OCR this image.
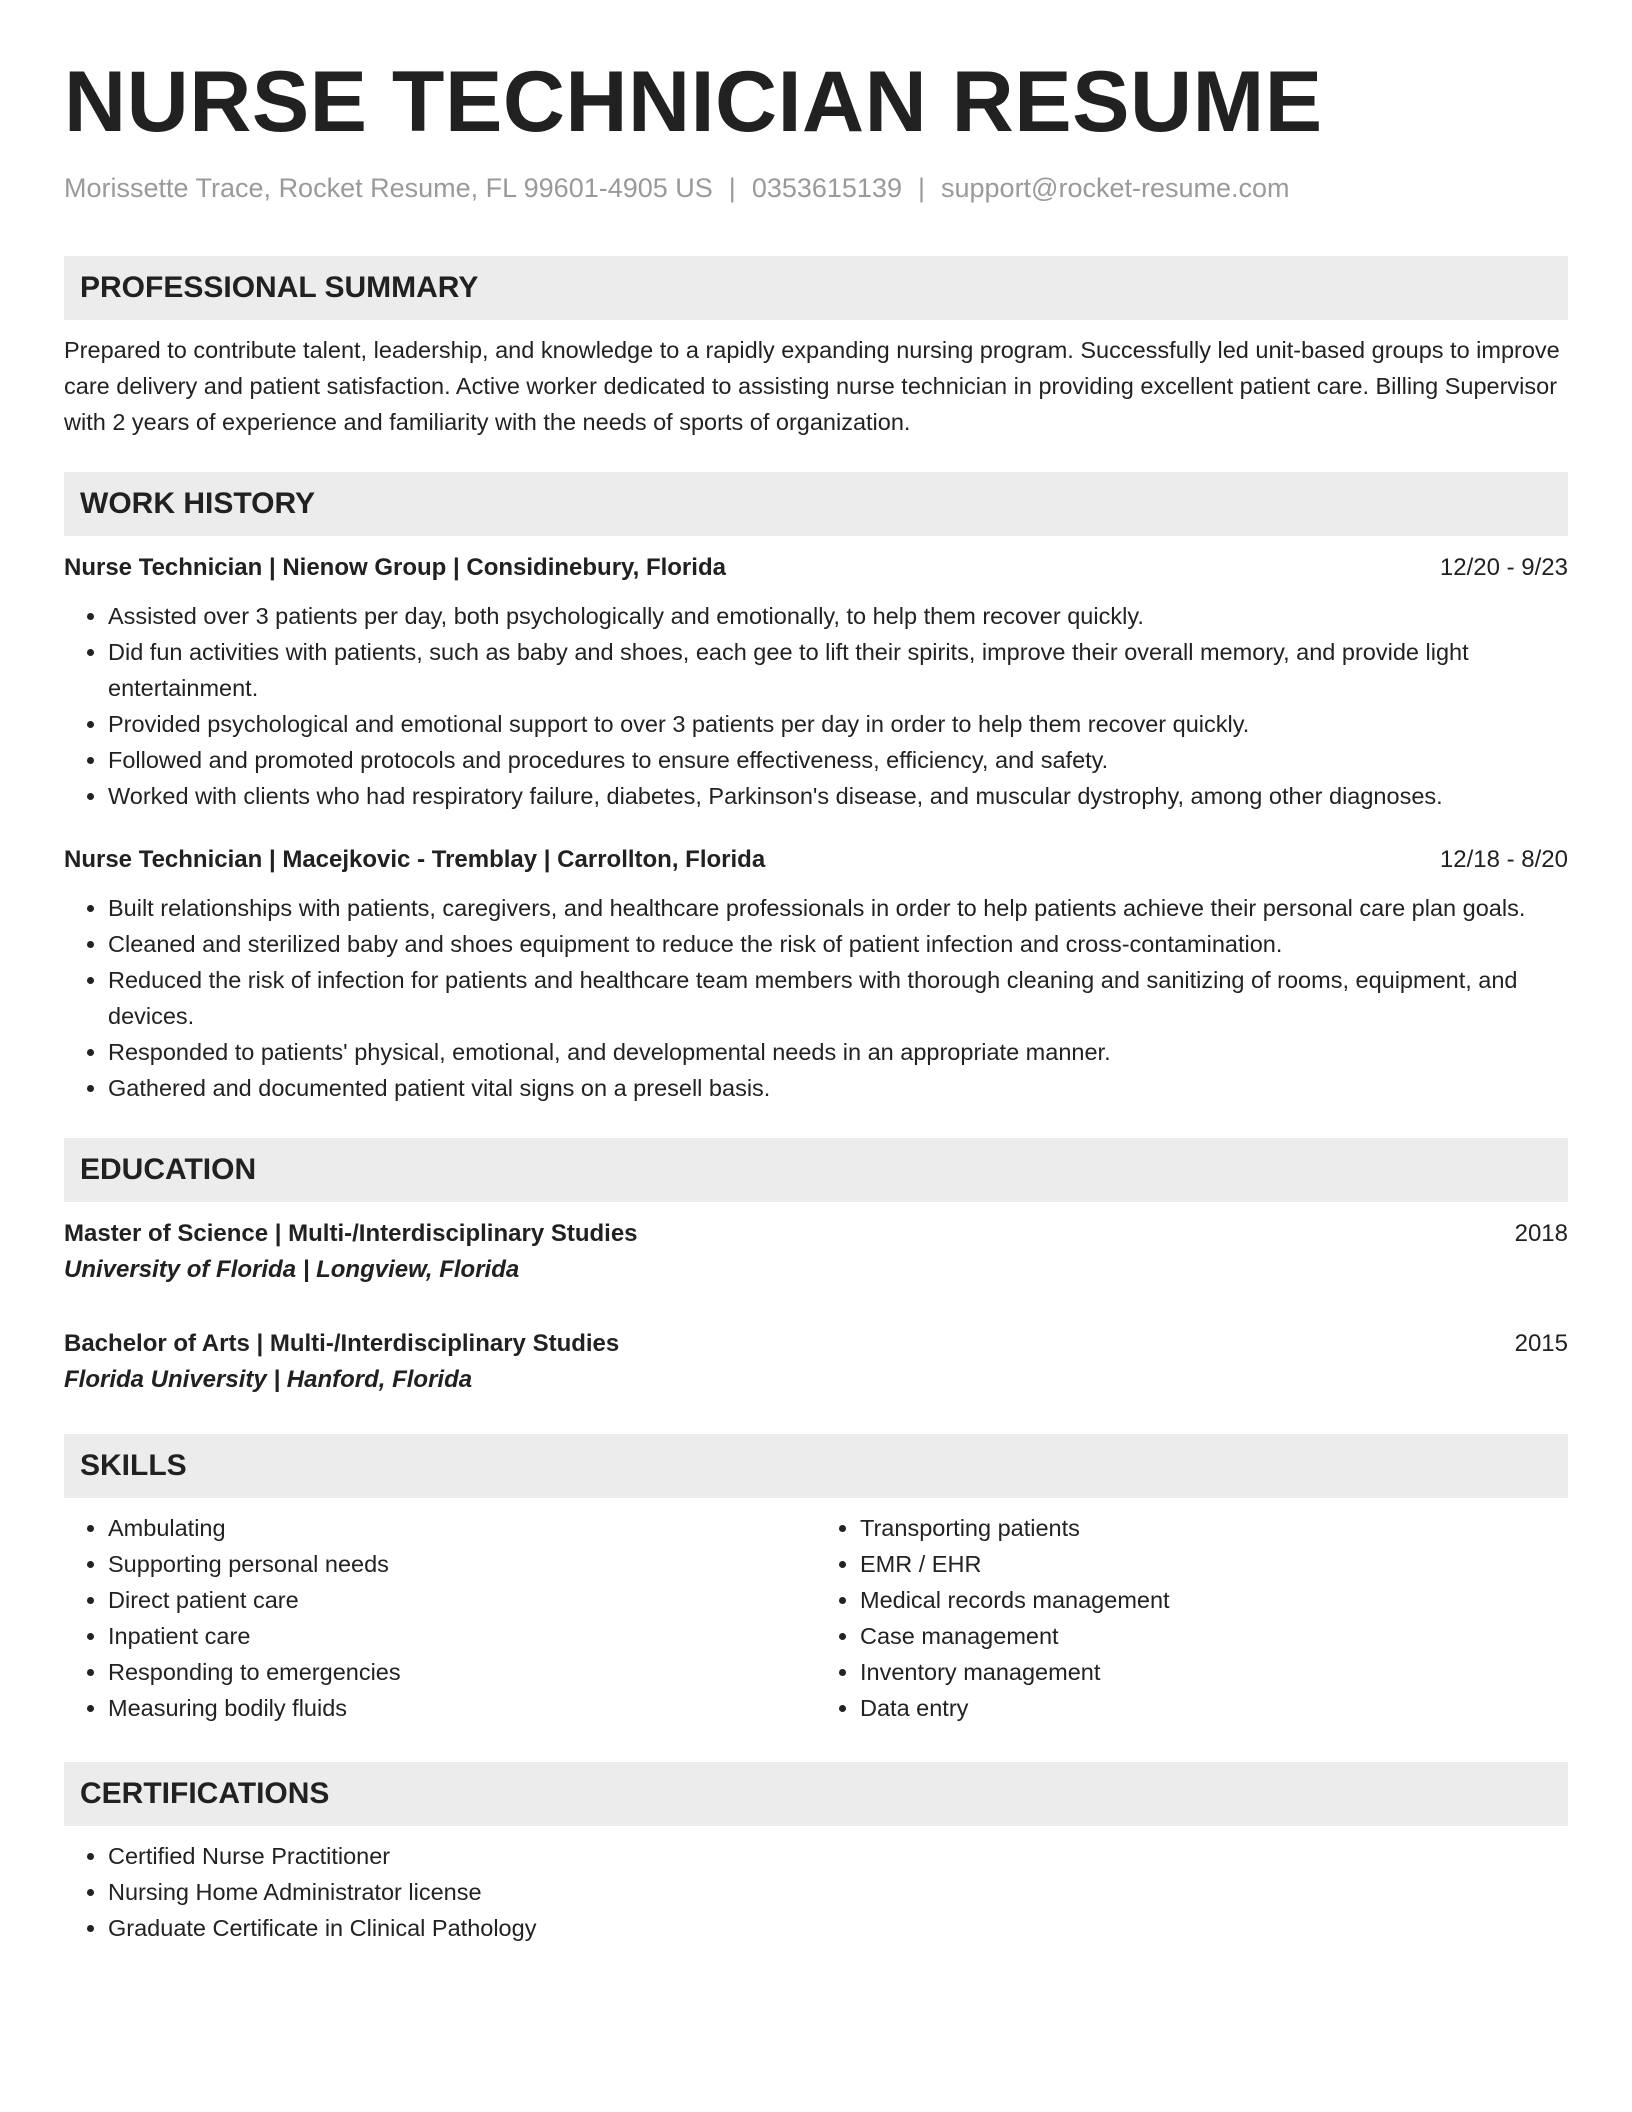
NURSE TECHNICIAN RESUME
Morissette Trace, Rocket Resume, FL 99601-4905 US | 0353615139 | support@rocket-resume.com
PROFESSIONAL SUMMARY

Prepared to contribute talent, leadership, and knowledge to a rapidly expanding nursing program. Successfully led unit-based groups to improve care delivery and patient satisfaction. Active worker dedicated to assisting nurse technician in providing excellent patient care. Billing Supervisor with 2 years of experience and familiarity with the needs of sports of organization.

WORK HISTORY
Nurse Technician | Nienow Group | Considinebury, Florida	12/20 - 9/23
• Assisted over 3 patients per day, both psychologically and emotionally, to help them recover quickly.
• Did fun activities with patients, such as baby and shoes, each gee to lift their spirits, improve their overall memory, and provide light entertainment.
• Provided psychological and emotional support to over 3 patients per day in order to help them recover quickly.
• Followed and promoted protocols and procedures to ensure effectiveness, efficiency, and safety.
• Worked with clients who had respiratory failure, diabetes, Parkinson's disease, and muscular dystrophy, among other diagnoses.
Nurse Technician | Macejkovic - Tremblay | Carrollton, Florida	12/18 - 8/20
• Built relationships with patients, caregivers, and healthcare professionals in order to help patients achieve their personal care plan goals.
• Cleaned and sterilized baby and shoes equipment to reduce the risk of patient infection and cross-contamination.
• Reduced the risk of infection for patients and healthcare team members with thorough cleaning and sanitizing of rooms, equipment, and devices.
• Responded to patients' physical, emotional, and developmental needs in an appropriate manner.
• Gathered and documented patient vital signs on a presell basis.
EDUCATION
Master of Science | Multi-/Interdisciplinary Studies	2018
University of Florida | Longview, Florida
Bachelor of Arts | Multi-/Interdisciplinary Studies	2015
Florida University | Hanford, Florida
SKILLS
• Ambulating
• Supporting personal needs
• Direct patient care
• Inpatient care
• Responding to emergencies
• Measuring bodily fluids
• Transporting patients
• EMR / EHR
• Medical records management
• Case management
• Inventory management
• Data entry
CERTIFICATIONS
• Certified Nurse Practitioner
• Nursing Home Administrator license
• Graduate Certificate in Clinical Pathology
